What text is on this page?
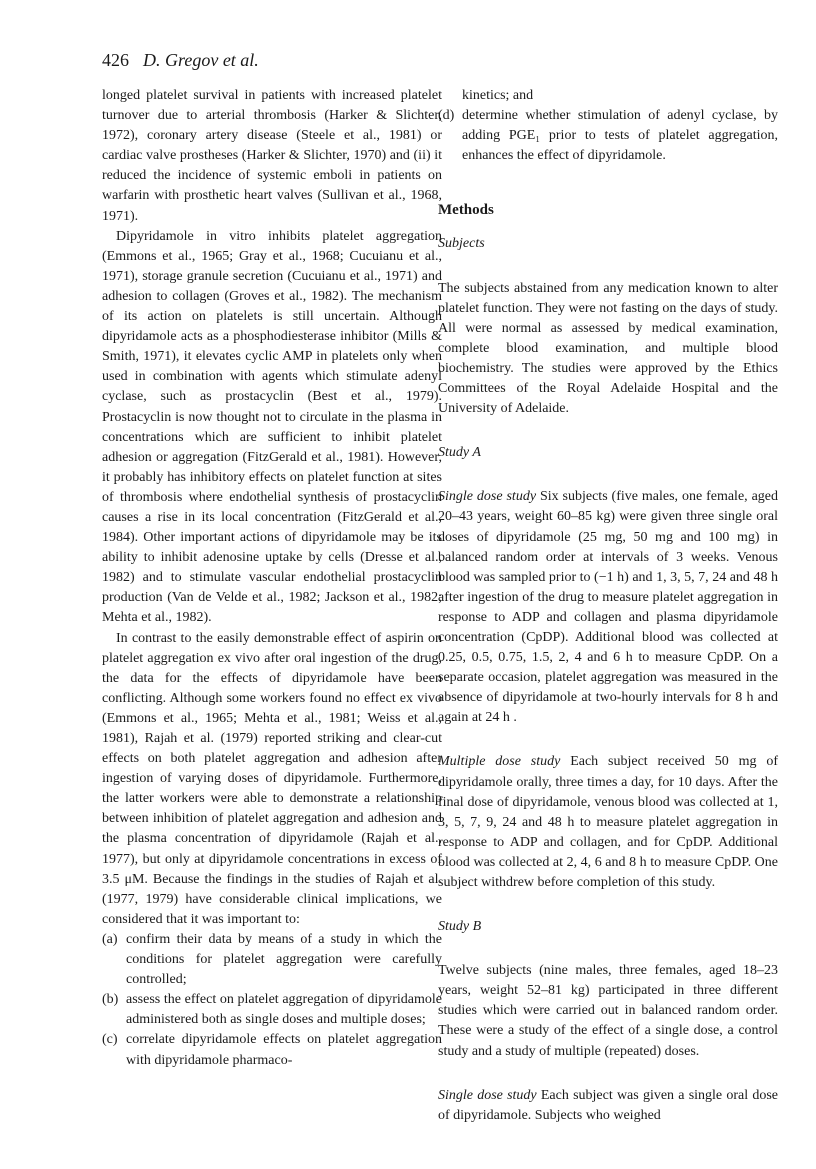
426 D. Gregov et al.

longed platelet survival in patients with increased platelet turnover due to arterial thrombosis (Harker & Slichter, 1972), coronary artery disease (Steele et al., 1981) or cardiac valve prostheses (Harker & Slichter, 1970) and (ii) it reduced the incidence of systemic emboli in patients on warfarin with prosthetic heart valves (Sullivan et al., 1968, 1971).

Dipyridamole in vitro inhibits platelet aggregation (Emmons et al., 1965; Gray et al., 1968; Cucuianu et al., 1971), storage granule secretion (Cucuianu et al., 1971) and adhesion to collagen (Groves et al., 1982). The mechanism of its action on platelets is still uncertain. Although dipyridamole acts as a phosphodiesterase inhibitor (Mills & Smith, 1971), it elevates cyclic AMP in platelets only when used in combination with agents which stimulate adenyl cyclase, such as prostacyclin (Best et al., 1979). Prostacyclin is now thought not to circulate in the plasma in concentrations which are sufficient to inhibit platelet adhesion or aggregation (FitzGerald et al., 1981). However, it probably has inhibitory effects on platelet function at sites of thrombosis where endothelial synthesis of prostacyclin causes a rise in its local concentration (FitzGerald et al., 1984). Other important actions of dipyridamole may be its ability to inhibit adenosine uptake by cells (Dresse et al., 1982) and to stimulate vascular endothelial prostacyclin production (Van de Velde et al., 1982; Jackson et al., 1982; Mehta et al., 1982).

In contrast to the easily demonstrable effect of aspirin on platelet aggregation ex vivo after oral ingestion of the drug, the data for the effects of dipyridamole have been conflicting. Although some workers found no effect ex vivo (Emmons et al., 1965; Mehta et al., 1981; Weiss et al., 1981), Rajah et al. (1979) reported striking and clear-cut effects on both platelet aggregation and adhesion after ingestion of varying doses of dipyridamole. Furthermore, the latter workers were able to demonstrate a relationship between inhibition of platelet aggregation and adhesion and the plasma concentration of dipyridamole (Rajah et al., 1977), but only at dipyridamole concentrations in excess of 3.5 μM. Because the findings in the studies of Rajah et al. (1977, 1979) have considerable clinical implications, we considered that it was important to:

(a) confirm their data by means of a study in which the conditions for platelet aggregation were carefully controlled;
(b) assess the effect on platelet aggregation of dipyridamole administered both as single doses and multiple doses;
(c) correlate dipyridamole effects on platelet aggregation with dipyridamole pharmaco-

kinetics; and

(d) determine whether stimulation of adenyl cyclase, by adding PGE₁ prior to tests of platelet aggregation, enhances the effect of dipyridamole.

Methods

Subjects

The subjects abstained from any medication known to alter platelet function. They were not fasting on the days of study. All were normal as assessed by medical examination, complete blood examination, and multiple blood biochemistry. The studies were approved by the Ethics Committees of the Royal Adelaide Hospital and the University of Adelaide.

Study A

Single dose study Six subjects (five males, one female, aged 20–43 years, weight 60–85 kg) were given three single oral doses of dipyridamole (25 mg, 50 mg and 100 mg) in balanced random order at intervals of 3 weeks. Venous blood was sampled prior to (−1 h) and 1, 3, 5, 7, 24 and 48 h after ingestion of the drug to measure platelet aggregation in response to ADP and collagen and plasma dipyridamole concentration (CpDP). Additional blood was collected at 0.25, 0.5, 0.75, 1.5, 2, 4 and 6 h to measure CpDP. On a separate occasion, platelet aggregation was measured in the absence of dipyridamole at two-hourly intervals for 8 h and again at 24 h .

Multiple dose study Each subject received 50 mg of dipyridamole orally, three times a day, for 10 days. After the final dose of dipyridamole, venous blood was collected at 1, 3, 5, 7, 9, 24 and 48 h to measure platelet aggregation in response to ADP and collagen, and for CpDP. Additional blood was collected at 2, 4, 6 and 8 h to measure CpDP. One subject withdrew before completion of this study.

Study B

Twelve subjects (nine males, three females, aged 18–23 years, weight 52–81 kg) participated in three different studies which were carried out in balanced random order. These were a study of the effect of a single dose, a control study and a study of multiple (repeated) doses.

Single dose study Each subject was given a single oral dose of dipyridamole. Subjects who weighed
